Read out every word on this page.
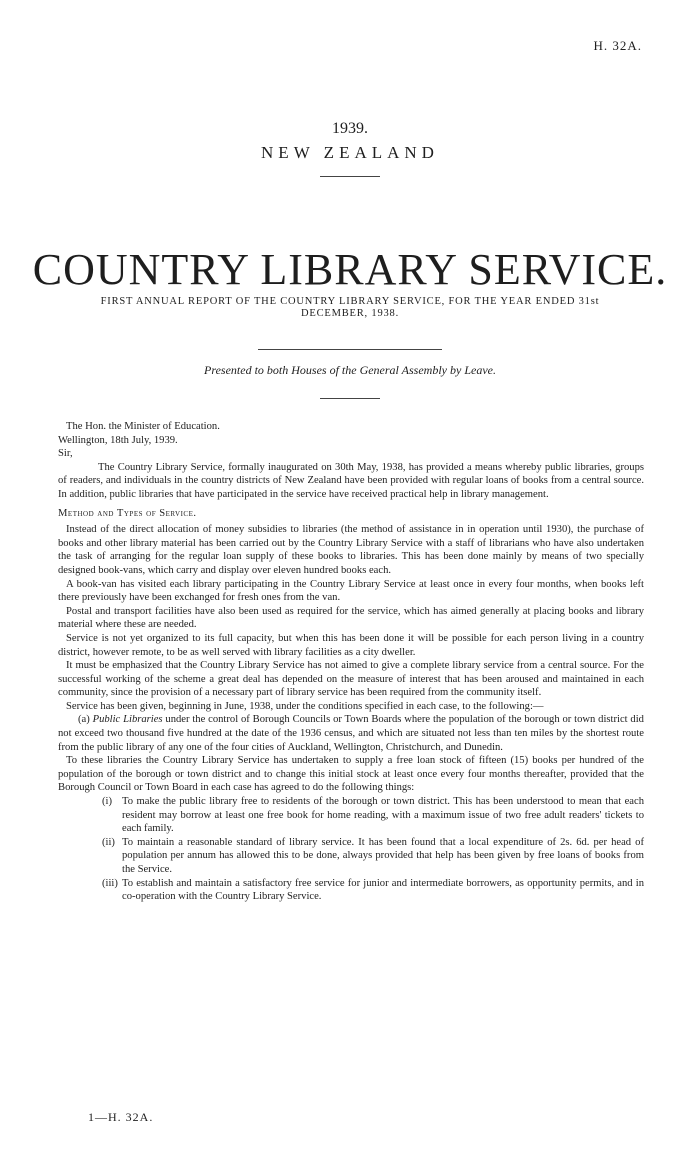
H. 32A.
1939.
NEW ZEALAND
COUNTRY LIBRARY SERVICE.
FIRST ANNUAL REPORT OF THE COUNTRY LIBRARY SERVICE, FOR THE YEAR ENDED 31st DECEMBER, 1938.
Presented to both Houses of the General Assembly by Leave.

The Hon. the Minister of Education.

Wellington, 18th July, 1939.

Sir,

The Country Library Service, formally inaugurated on 30th May, 1938, has provided a means whereby public libraries, groups of readers, and individuals in the country districts of New Zealand have been provided with regular loans of books from a central source. In addition, public libraries that have participated in the service have received practical help in library management.

Method and Types of Service.

Instead of the direct allocation of money subsidies to libraries (the method of assistance in in operation until 1930), the purchase of books and other library material has been carried out by the Country Library Service with a staff of librarians who have also undertaken the task of arranging for the regular loan supply of these books to libraries. This has been done mainly by means of two specially designed book-vans, which carry and display over eleven hundred books each.

A book-van has visited each library participating in the Country Library Service at least once in every four months, when books left there previously have been exchanged for fresh ones from the van.

Postal and transport facilities have also been used as required for the service, which has aimed generally at placing books and library material where these are needed.

Service is not yet organized to its full capacity, but when this has been done it will be possible for each person living in a country district, however remote, to be as well served with library facilities as a city dweller.

It must be emphasized that the Country Library Service has not aimed to give a complete library service from a central source. For the successful working of the scheme a great deal has depended on the measure of interest that has been aroused and maintained in each community, since the provision of a necessary part of library service has been required from the community itself.

Service has been given, beginning in June, 1938, under the conditions specified in each case, to the following:—

(a) Public Libraries under the control of Borough Councils or Town Boards where the population of the borough or town district did not exceed two thousand five hundred at the date of the 1936 census, and which are situated not less than ten miles by the shortest route from the public library of any one of the four cities of Auckland, Wellington, Christchurch, and Dunedin.

To these libraries the Country Library Service has undertaken to supply a free loan stock of fifteen (15) books per hundred of the population of the borough or town district and to change this initial stock at least once every four months thereafter, provided that the Borough Council or Town Board in each case has agreed to do the following things:

(i) To make the public library free to residents of the borough or town district. This has been understood to mean that each resident may borrow at least one free book for home reading, with a maximum issue of two free adult readers' tickets to each family.
(ii) To maintain a reasonable standard of library service. It has been found that a local expenditure of 2s. 6d. per head of population per annum has allowed this to be done, always provided that help has been given by free loans of books from the Service.
(iii) To establish and maintain a satisfactory free service for junior and intermediate borrowers, as opportunity permits, and in co-operation with the Country Library Service.
1—H. 32A.
